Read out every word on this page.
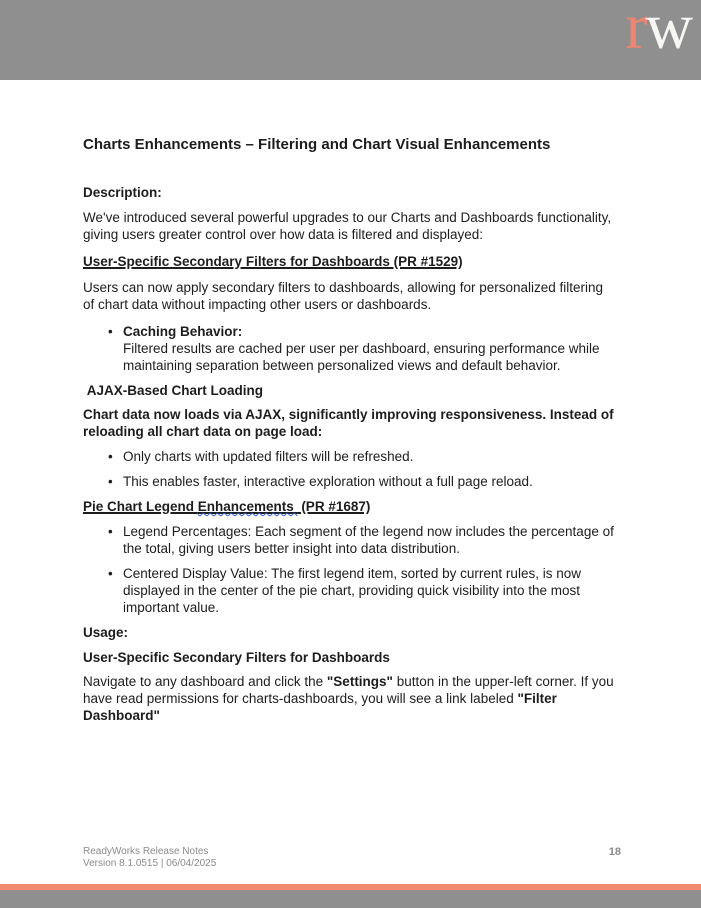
rw
Charts Enhancements – Filtering and Chart Visual Enhancements
Description:

We've introduced several powerful upgrades to our Charts and Dashboards functionality, giving users greater control over how data is filtered and displayed:

User-Specific Secondary Filters for Dashboards (PR #1529)

Users can now apply secondary filters to dashboards, allowing for personalized filtering of chart data without impacting other users or dashboards.

• Caching Behavior:
Filtered results are cached per user per dashboard, ensuring performance while maintaining separation between personalized views and default behavior.
AJAX-Based Chart Loading

Chart data now loads via AJAX, significantly improving responsiveness. Instead of reloading all chart data on page load:

• Only charts with updated filters will be refreshed.
• This enables faster, interactive exploration without a full page reload.
Pie Chart Legend Enhancements  (PR #1687)
• Legend Percentages: Each segment of the legend now includes the percentage of the total, giving users better insight into data distribution.
• Centered Display Value: The first legend item, sorted by current rules, is now displayed in the center of the pie chart, providing quick visibility into the most important value.
Usage:
User-Specific Secondary Filters for Dashboards

Navigate to any dashboard and click the "Settings" button in the upper-left corner. If you have read permissions for charts-dashboards, you will see a link labeled "Filter Dashboard"

ReadyWorks Release Notes
Version 8.1.0515 | 06/04/2025
18
